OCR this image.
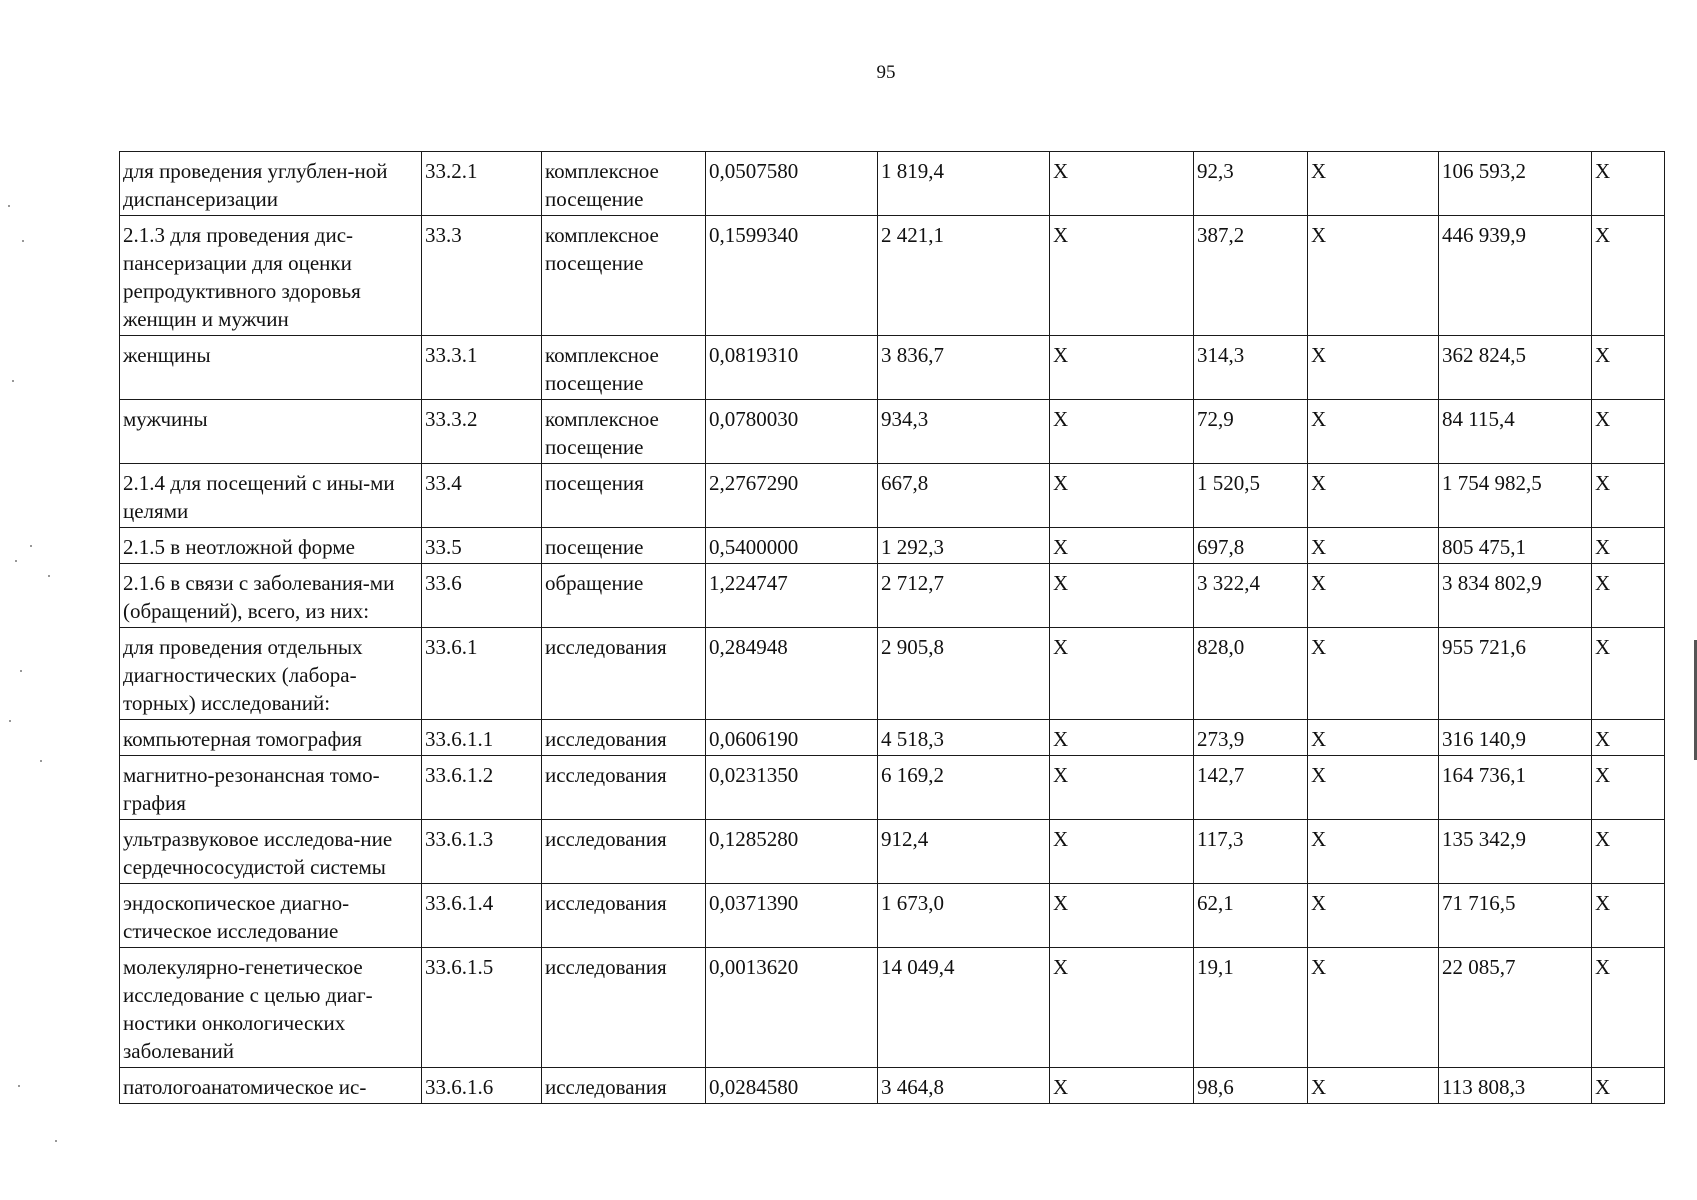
95
для проведения углублен-ной диспансеризации	33.2.1	комплексное посещение	0,0507580	1 819,4	X	92,3	X	106 593,2	X
2.1.3 для проведения дис-пансеризации для оценки репродуктивного здоровья женщин и мужчин	33.3	комплексное посещение	0,1599340	2 421,1	X	387,2	X	446 939,9	X
женщины	33.3.1	комплексное посещение	0,0819310	3 836,7	X	314,3	X	362 824,5	X
мужчины	33.3.2	комплексное посещение	0,0780030	934,3	X	72,9	X	84 115,4	X
2.1.4 для посещений с ины-ми целями	33.4	посещения	2,2767290	667,8	X	1 520,5	X	1 754 982,5	X
2.1.5 в неотложной форме	33.5	посещение	0,5400000	1 292,3	X	697,8	X	805 475,1	X
2.1.6 в связи с заболевания-ми (обращений), всего, из них:	33.6	обращение	1,224747	2 712,7	X	3 322,4	X	3 834 802,9	X
для проведения отдельных диагностических (лабора-торных) исследований:	33.6.1	исследования	0,284948	2 905,8	X	828,0	X	955 721,6	X
компьютерная томография	33.6.1.1	исследования	0,0606190	4 518,3	X	273,9	X	316 140,9	X
магнитно-резонансная томо-графия	33.6.1.2	исследования	0,0231350	6 169,2	X	142,7	X	164 736,1	X
ультразвуковое исследова-ние сердечнососудистой системы	33.6.1.3	исследования	0,1285280	912,4	X	117,3	X	135 342,9	X
эндоскопическое диагно-стическое исследование	33.6.1.4	исследования	0,0371390	1 673,0	X	62,1	X	71 716,5	X
молекулярно-генетическое исследование с целью диаг-ностики онкологических заболеваний	33.6.1.5	исследования	0,0013620	14 049,4	X	19,1	X	22 085,7	X
патологоанатомическое ис-	33.6.1.6	исследования	0,0284580	3 464,8	X	98,6	X	113 808,3	X
